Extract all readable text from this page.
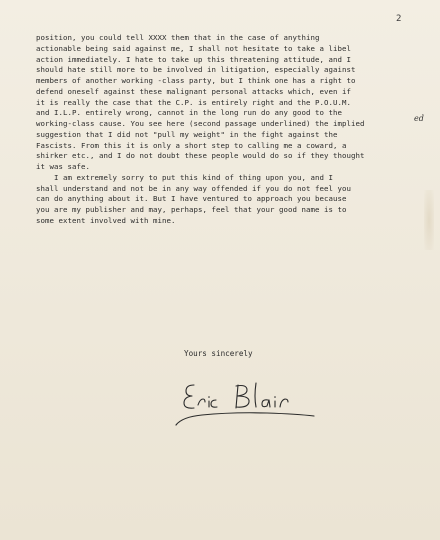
2
ed
position, you could tell XXXX them that in the case of anything
actionable being said against me, I shall not hesitate to take a libel
action immediately. I hate to take up this threatening attitude, and I
should hate still more to be involved in litigation, especially against
members of another working -class party, but I think one has a right to
defend oneself against these malignant personal attacks which, even if
it is really the case that the C.P. is entirely right and the P.O.U.M.
and I.L.P. entirely wrong, cannot in the long run do any good to the
working-class cause. You see here (second passage underlined) the implied
suggestion that I did not "pull my weight" in the fight against the
Fascists. From this it is only a short step to calling me a coward, a
shirker etc., and I do not doubt these people would do so if they thought
it was safe.
I am extremely sorry to put this kind of thing upon you, and I
shall understand and not be in any way offended if you do not feel you
can do anything about it. But I have ventured to approach you because
you are my publisher and may, perhaps, feel that your good name is to
some extent involved with mine.
Yours sincerely
